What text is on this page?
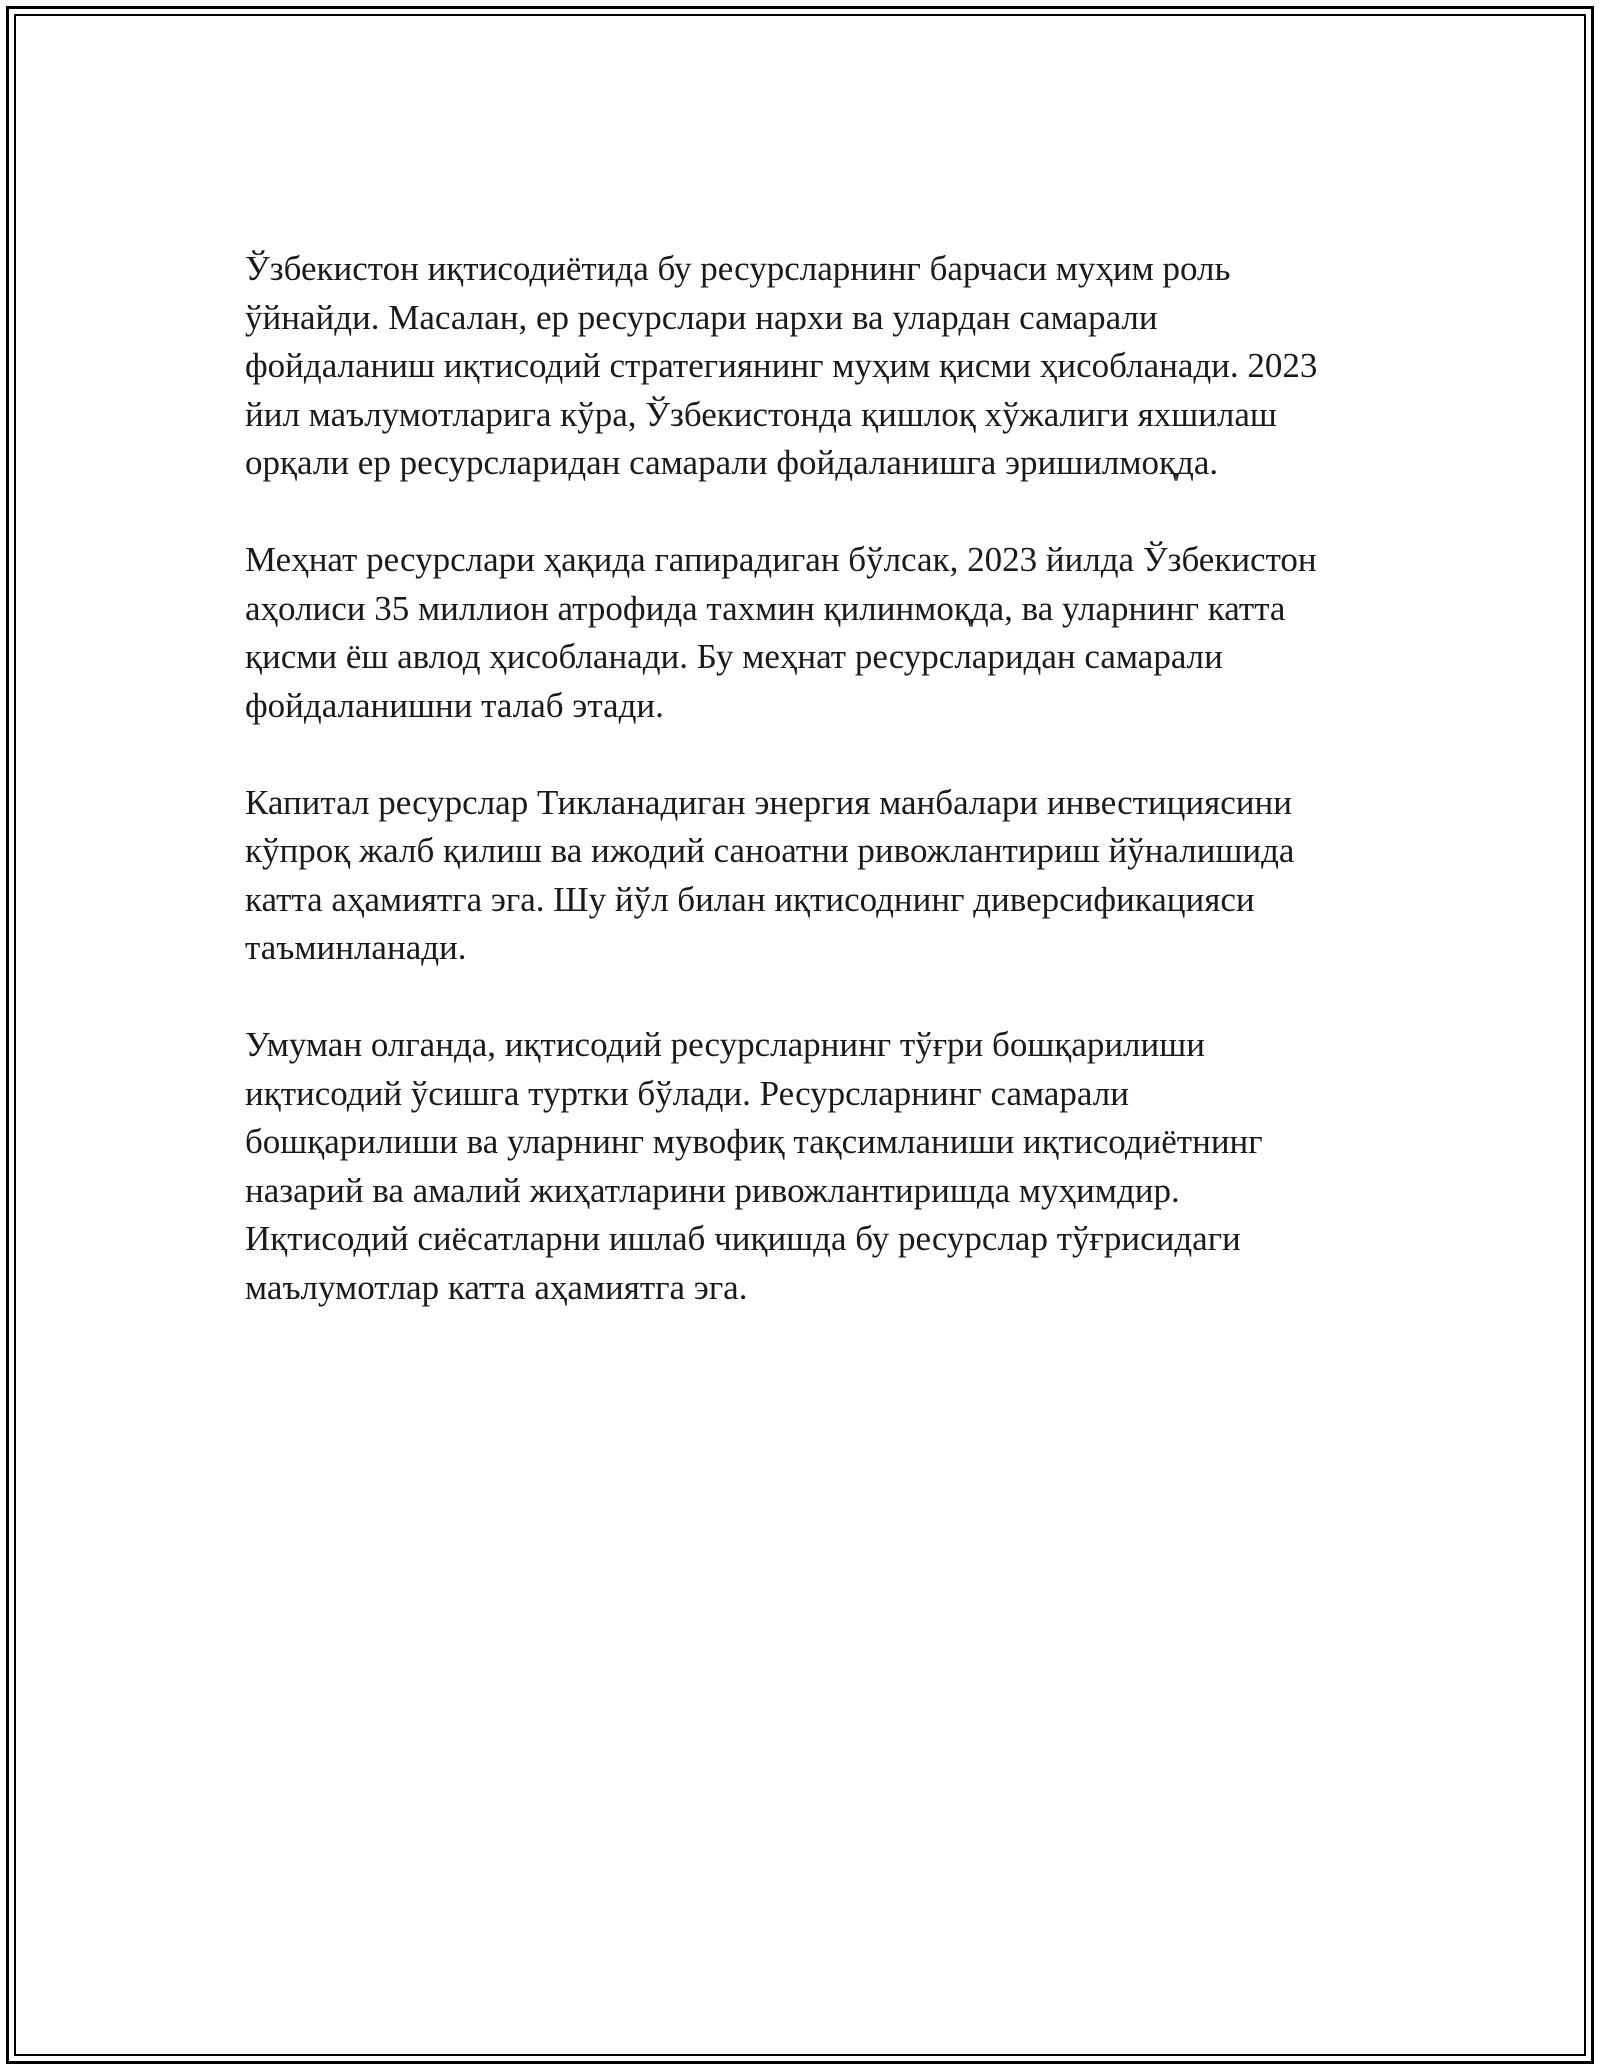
Ўзбекистон иқтисодиётида бу ресурсларнинг барчаси муҳим роль
ўйнайди. Масалан, ер ресурслари нархи ва улардан самарали
фойдаланиш иқтисодий стратегиянинг муҳим қисми ҳисобланади. 2023
йил маълумотларига кўра, Ўзбекистонда қишлоқ хўжалиги яхшилаш
орқали ер ресурсларидан самарали фойдаланишга эришилмоқда.

Меҳнат ресурслари ҳақида гапирадиган бўлсак, 2023 йилда Ўзбекистон
аҳолиси 35 миллион атрофида тахмин қилинмоқда, ва уларнинг катта
қисми ёш авлод ҳисобланади. Бу меҳнат ресурсларидан самарали
фойдаланишни талаб этади.

Капитал ресурслар Тикланадиган энергия манбалари инвестициясини
кўпроқ жалб қилиш ва ижодий саноатни ривожлантириш йўналишида
катта аҳамиятга эга. Шу йўл билан иқтисоднинг диверсификацияси
таъминланади.

Умуман олганда, иқтисодий ресурсларнинг тўғри бошқарилиши
иқтисодий ўсишга туртки бўлади. Ресурсларнинг самарали
бошқарилиши ва уларнинг мувофиқ тақсимланиши иқтисодиётнинг
назарий ва амалий жиҳатларини ривожлантиришда муҳимдир.
Иқтисодий сиёсатларни ишлаб чиқишда бу ресурслар тўғрисидаги
маълумотлар катта аҳамиятга эга.
